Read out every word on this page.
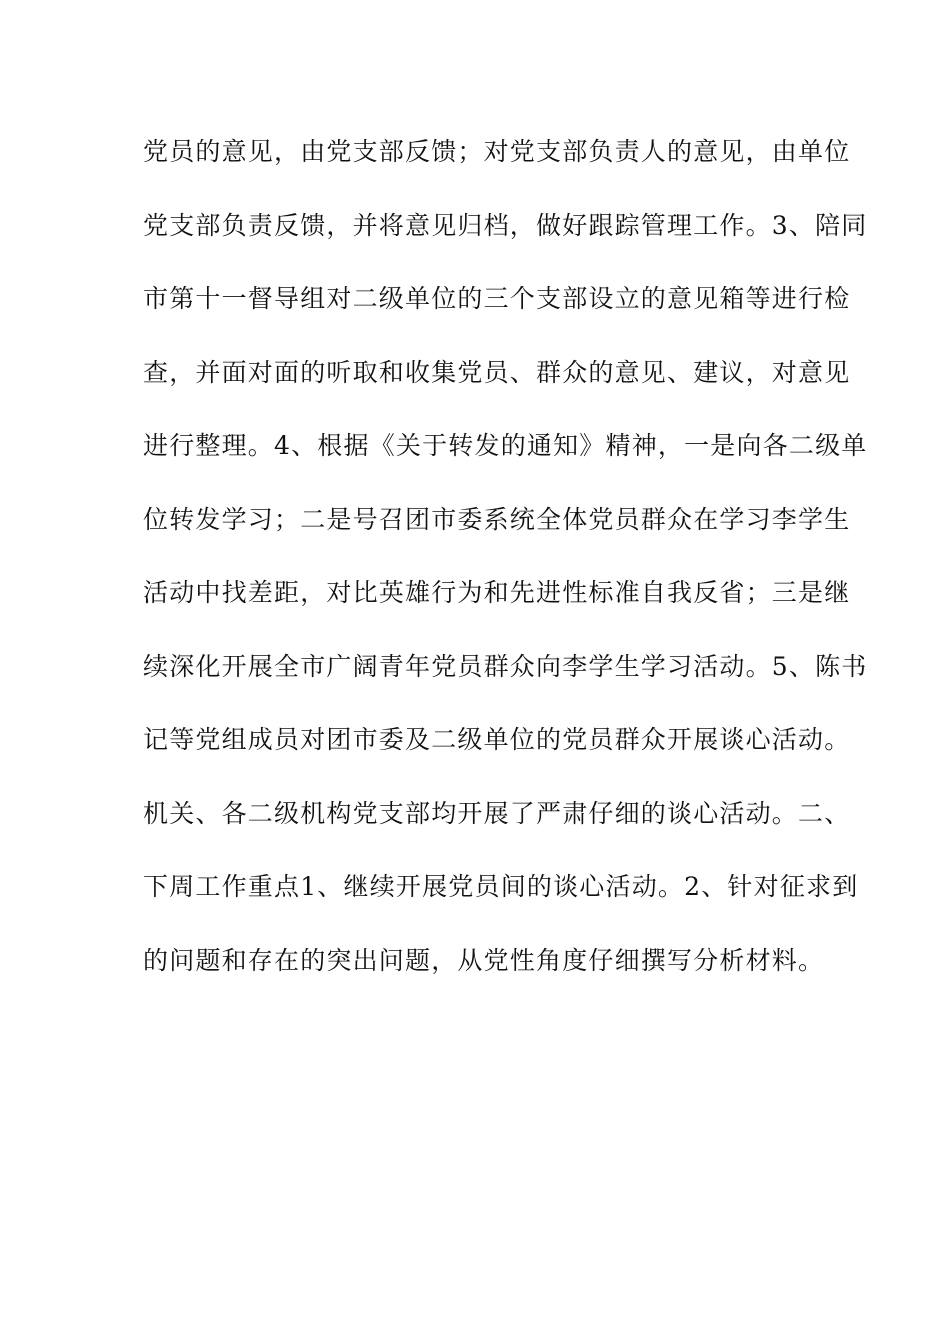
党员的意见，由党支部反馈；对党支部负责人的意见，由单位
党支部负责反馈，并将意见归档，做好跟踪管理工作。3、陪同
市第十一督导组对二级单位的三个支部设立的意见箱等进行检
查，并面对面的听取和收集党员、群众的意见、建议，对意见
进行整理。4、根据《关于转发的通知》精神，一是向各二级单
位转发学习；二是号召团市委系统全体党员群众在学习李学生
活动中找差距，对比英雄行为和先进性标准自我反省；三是继
续深化开展全市广阔青年党员群众向李学生学习活动。5、陈书
记等党组成员对团市委及二级单位的党员群众开展谈心活动。
机关、各二级机构党支部均开展了严肃仔细的谈心活动。二、
下周工作重点1、继续开展党员间的谈心活动。2、针对征求到
的问题和存在的突出问题，从党性角度仔细撰写分析材料。
